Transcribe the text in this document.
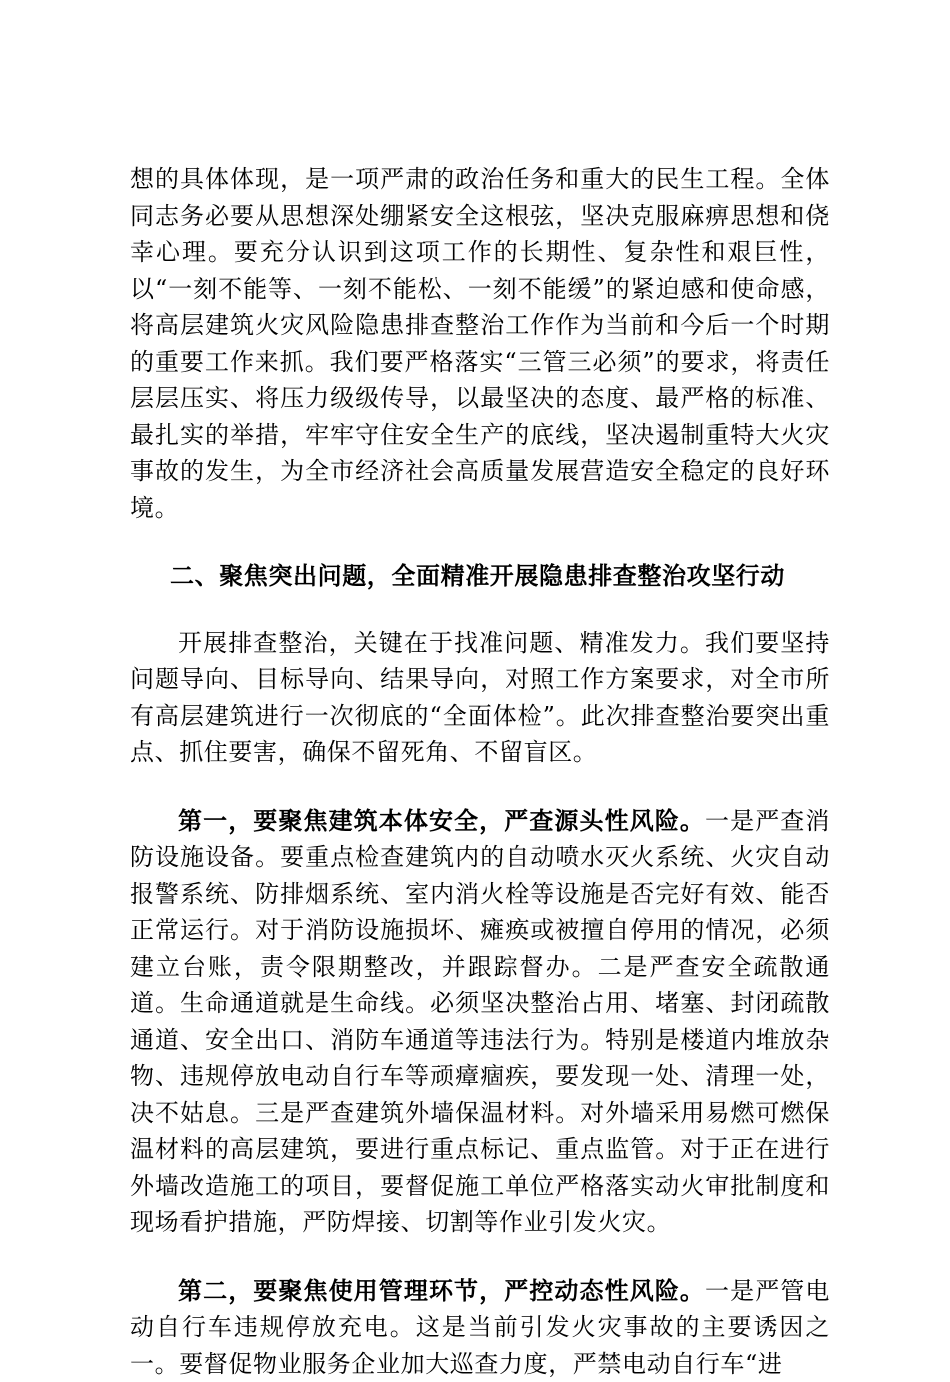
想的具体体现，是一项严肃的政治任务和重大的民生工程。全体同志务必要从思想深处绷紧安全这根弦，坚决克服麻痹思想和侥幸心理。要充分认识到这项工作的长期性、复杂性和艰巨性，以“一刻不能等、一刻不能松、一刻不能缓”的紧迫感和使命感，将高层建筑火灾风险隐患排查整治工作作为当前和今后一个时期的重要工作来抓。我们要严格落实“三管三必须”的要求，将责任层层压实、将压力级级传导，以最坚决的态度、最严格的标准、最扎实的举措，牢牢守住安全生产的底线，坚决遏制重特大火灾事故的发生，为全市经济社会高质量发展营造安全稳定的良好环境。

二、聚焦突出问题，全面精准开展隐患排查整治攻坚行动

开展排查整治，关键在于找准问题、精准发力。我们要坚持问题导向、目标导向、结果导向，对照工作方案要求，对全市所有高层建筑进行一次彻底的“全面体检”。此次排查整治要突出重点、抓住要害，确保不留死角、不留盲区。

第一，要聚焦建筑本体安全，严查源头性风险。一是严查消防设施设备。要重点检查建筑内的自动喷水灭火系统、火灾自动报警系统、防排烟系统、室内消火栓等设施是否完好有效、能否正常运行。对于消防设施损坏、瘫痪或被擅自停用的情况，必须建立台账，责令限期整改，并跟踪督办。二是严查安全疏散通道。生命通道就是生命线。必须坚决整治占用、堵塞、封闭疏散通道、安全出口、消防车通道等违法行为。特别是楼道内堆放杂物、违规停放电动自行车等顽瘴痼疾，要发现一处、清理一处，决不姑息。三是严查建筑外墙保温材料。对外墙采用易燃可燃保温材料的高层建筑，要进行重点标记、重点监管。对于正在进行外墙改造施工的项目，要督促施工单位严格落实动火审批制度和现场看护措施，严防焊接、切割等作业引发火灾。

第二，要聚焦使用管理环节，严控动态性风险。一是严管电动自行车违规停放充电。这是当前引发火灾事故的主要诱因之一。要督促物业服务企业加大巡查力度，严禁电动自行车“进
